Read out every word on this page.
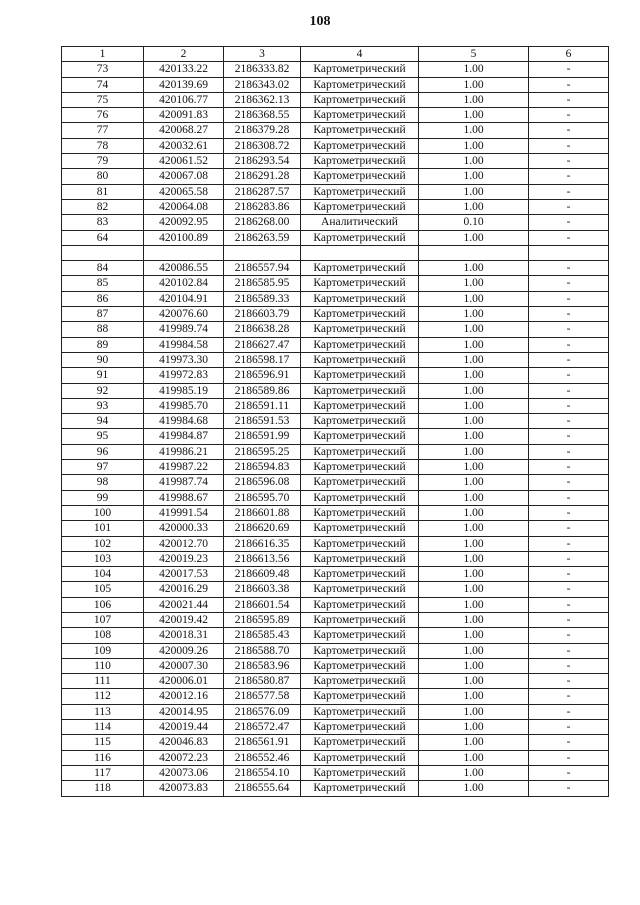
108
1	2	3	4	5	6
73	420133.22	2186333.82	Картометрический	1.00	-
74	420139.69	2186343.02	Картометрический	1.00	-
75	420106.77	2186362.13	Картометрический	1.00	-
76	420091.83	2186368.55	Картометрический	1.00	-
77	420068.27	2186379.28	Картометрический	1.00	-
78	420032.61	2186308.72	Картометрический	1.00	-
79	420061.52	2186293.54	Картометрический	1.00	-
80	420067.08	2186291.28	Картометрический	1.00	-
81	420065.58	2186287.57	Картометрический	1.00	-
82	420064.08	2186283.86	Картометрический	1.00	-
83	420092.95	2186268.00	Аналитический	0.10	-
64	420100.89	2186263.59	Картометрический	1.00	-

84	420086.55	2186557.94	Картометрический	1.00	-
85	420102.84	2186585.95	Картометрический	1.00	-
86	420104.91	2186589.33	Картометрический	1.00	-
87	420076.60	2186603.79	Картометрический	1.00	-
88	419989.74	2186638.28	Картометрический	1.00	-
89	419984.58	2186627.47	Картометрический	1.00	-
90	419973.30	2186598.17	Картометрический	1.00	-
91	419972.83	2186596.91	Картометрический	1.00	-
92	419985.19	2186589.86	Картометрический	1.00	-
93	419985.70	2186591.11	Картометрический	1.00	-
94	419984.68	2186591.53	Картометрический	1.00	-
95	419984.87	2186591.99	Картометрический	1.00	-
96	419986.21	2186595.25	Картометрический	1.00	-
97	419987.22	2186594.83	Картометрический	1.00	-
98	419987.74	2186596.08	Картометрический	1.00	-
99	419988.67	2186595.70	Картометрический	1.00	-
100	419991.54	2186601.88	Картометрический	1.00	-
101	420000.33	2186620.69	Картометрический	1.00	-
102	420012.70	2186616.35	Картометрический	1.00	-
103	420019.23	2186613.56	Картометрический	1.00	-
104	420017.53	2186609.48	Картометрический	1.00	-
105	420016.29	2186603.38	Картометрический	1.00	-
106	420021.44	2186601.54	Картометрический	1.00	-
107	420019.42	2186595.89	Картометрический	1.00	-
108	420018.31	2186585.43	Картометрический	1.00	-
109	420009.26	2186588.70	Картометрический	1.00	-
110	420007.30	2186583.96	Картометрический	1.00	-
111	420006.01	2186580.87	Картометрический	1.00	-
112	420012.16	2186577.58	Картометрический	1.00	-
113	420014.95	2186576.09	Картометрический	1.00	-
114	420019.44	2186572.47	Картометрический	1.00	-
115	420046.83	2186561.91	Картометрический	1.00	-
116	420072.23	2186552.46	Картометрический	1.00	-
117	420073.06	2186554.10	Картометрический	1.00	-
118	420073.83	2186555.64	Картометрический	1.00	-
